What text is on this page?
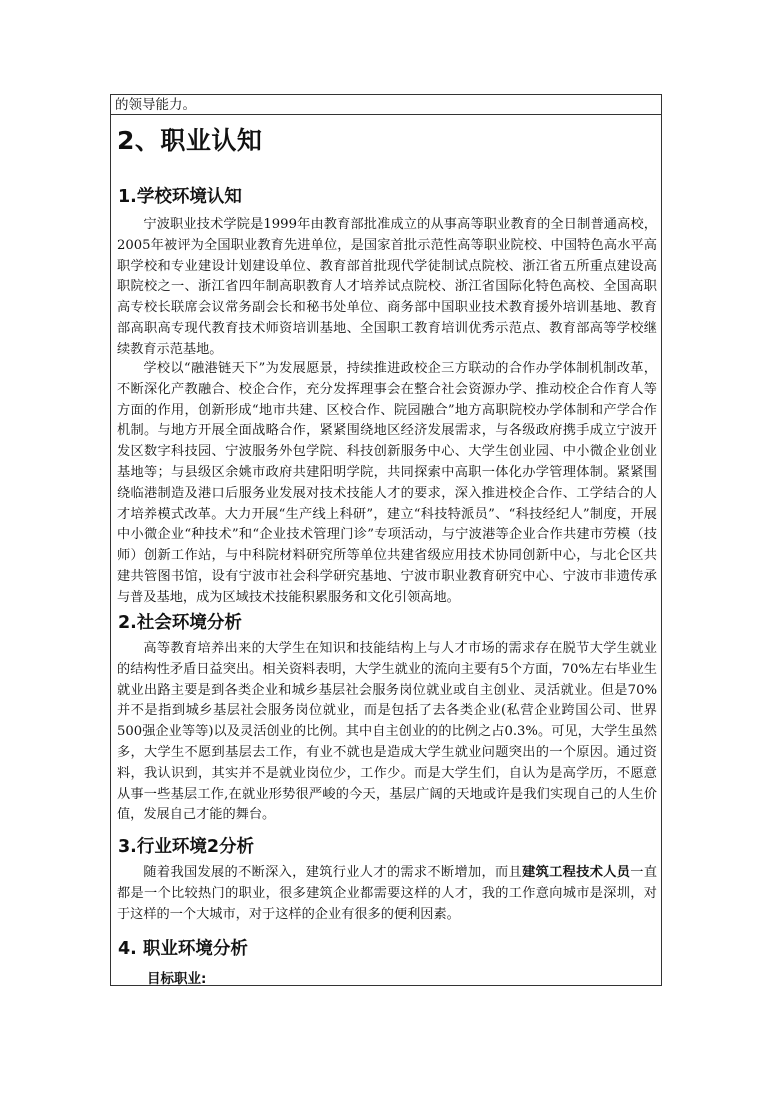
的领导能力。
2、职业认知
1.学校环境认知

宁波职业技术学院是1999年由教育部批准成立的从事高等职业教育的全日制普通高校，2005年被评为全国职业教育先进单位，是国家首批示范性高等职业院校、中国特色高水平高职学校和专业建设计划建设单位、教育部首批现代学徒制试点院校、浙江省五所重点建设高职院校之一、浙江省四年制高职教育人才培养试点院校、浙江省国际化特色高校、全国高职高专校长联席会议常务副会长和秘书处单位、商务部中国职业技术教育援外培训基地、教育部高职高专现代教育技术师资培训基地、全国职工教育培训优秀示范点、教育部高等学校继续教育示范基地。

学校以“融港链天下”为发展愿景，持续推进政校企三方联动的合作办学体制机制改革，不断深化产教融合、校企合作，充分发挥理事会在整合社会资源办学、推动校企合作育人等方面的作用，创新形成“地市共建、区校合作、院园融合”地方高职院校办学体制和产学合作机制。与地方开展全面战略合作，紧紧围绕地区经济发展需求，与各级政府携手成立宁波开发区数字科技园、宁波服务外包学院、科技创新服务中心、大学生创业园、中小微企业创业基地等；与县级区余姚市政府共建阳明学院，共同探索中高职一体化办学管理体制。紧紧围绕临港制造及港口后服务业发展对技术技能人才的要求，深入推进校企合作、工学结合的人才培养模式改革。大力开展“生产线上科研”，建立“科技特派员”、“科技经纪人”制度，开展中小微企业“种技术”和“企业技术管理门诊”专项活动，与宁波港等企业合作共建市劳模（技师）创新工作站，与中科院材料研究所等单位共建省级应用技术协同创新中心，与北仑区共建共管图书馆，设有宁波市社会科学研究基地、宁波市职业教育研究中心、宁波市非遗传承与普及基地，成为区域技术技能积累服务和文化引领高地。

2.社会环境分析

高等教育培养出来的大学生在知识和技能结构上与人才市场的需求存在脱节大学生就业的结构性矛盾日益突出。相关资料表明，大学生就业的流向主要有5个方面，70%左右毕业生就业出路主要是到各类企业和城乡基层社会服务岗位就业或自主创业、灵活就业。但是70%并不是指到城乡基层社会服务岗位就业，而是包括了去各类企业(私营企业跨国公司、世界500强企业等等)以及灵活创业的比例。其中自主创业的的比例之占0.3%。可见，大学生虽然多，大学生不愿到基层去工作，有业不就也是造成大学生就业问题突出的一个原因。通过资料，我认识到，其实并不是就业岗位少，工作少。而是大学生们，自认为是高学历，不愿意从事一些基层工作,在就业形势很严峻的今天，基层广阔的天地或许是我们实现自己的人生价值，发展自己才能的舞台。

3.行业环境2分析

随着我国发展的不断深入，建筑行业人才的需求不断增加，而且建筑工程技术人员一直都是一个比较热门的职业，很多建筑企业都需要这样的人才，我的工作意向城市是深圳，对于这样的一个大城市，对于这样的企业有很多的便利因素。

4. 职业环境分析
目标职业:
